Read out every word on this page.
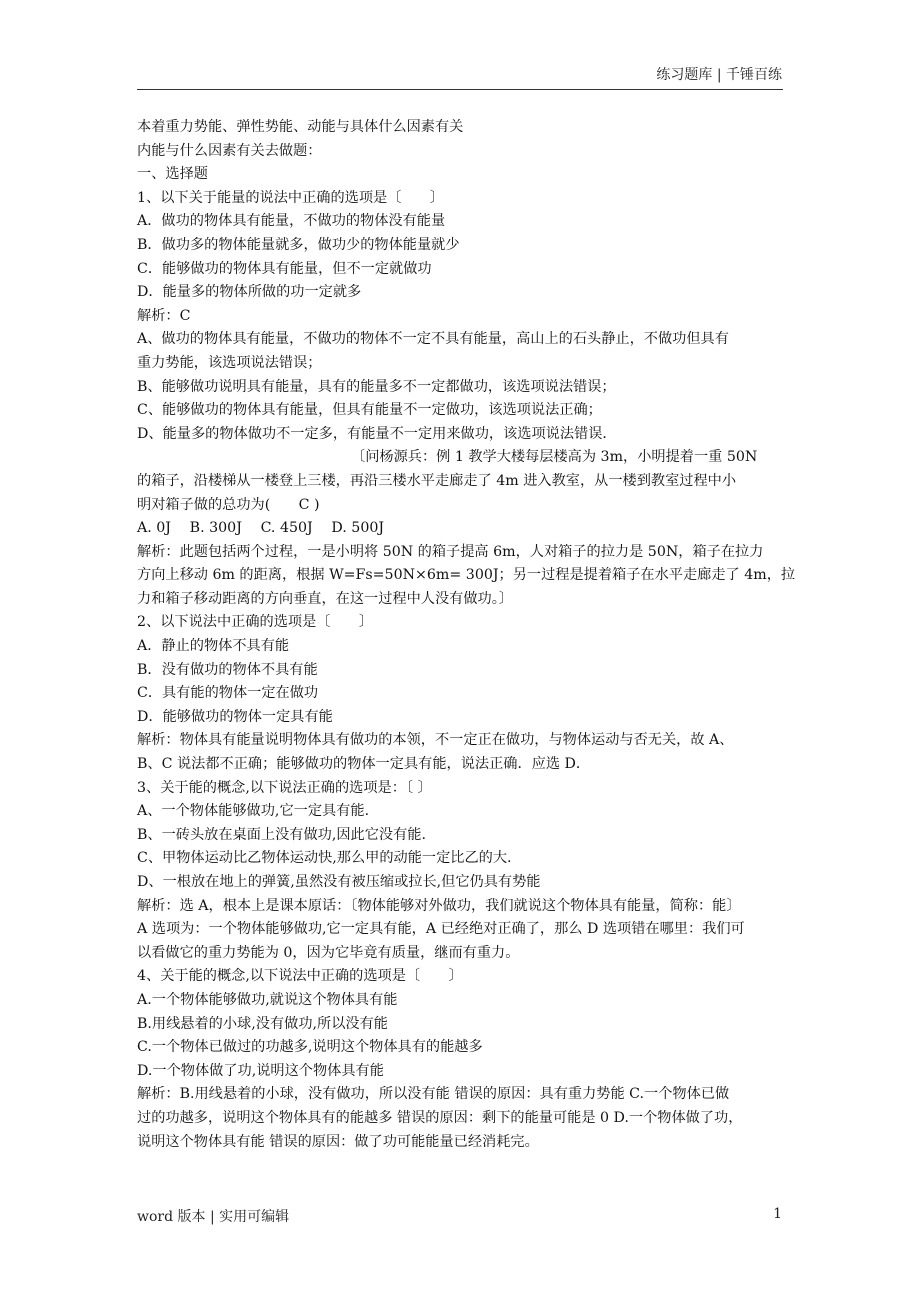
练习题库 | 千锤百练
本着重力势能、弹性势能、动能与具体什么因素有关
内能与什么因素有关去做题：
一、选择题
1、以下关于能量的说法中正确的选项是〔　　〕
A．做功的物体具有能量，不做功的物体没有能量
B．做功多的物体能量就多，做功少的物体能量就少
C．能够做功的物体具有能量，但不一定就做功
D．能量多的物体所做的功一定就多
解析：C
A、做功的物体具有能量，不做功的物体不一定不具有能量，高山上的石头静止，不做功但具有
重力势能，该选项说法错误；
B、能够做功说明具有能量，具有的能量多不一定都做功，该选项说法错误；
C、能够做功的物体具有能量，但具有能量不一定做功，该选项说法正确；
D、能量多的物体做功不一定多，有能量不一定用来做功，该选项说法错误．
〔问杨源兵：例 1 教学大楼每层楼高为 3m，小明提着一重 50N
的箱子，沿楼梯从一楼登上三楼，再沿三楼水平走廊走了 4m 进入教室，从一楼到教室过程中小
明对箱子做的总功为(　　C )
A. 0J　 B. 300J　 C. 450J　 D. 500J
解析：此题包括两个过程，一是小明将 50N 的箱子提高 6m，人对箱子的拉力是 50N，箱子在拉力
方向上移动 6m 的距离，根据 W=Fs=50N×6m= 300J；另一过程是提着箱子在水平走廊走了 4m，拉
力和箱子移动距离的方向垂直，在这一过程中人没有做功。〕
2、以下说法中正确的选项是〔　　〕
A．静止的物体不具有能
B．没有做功的物体不具有能
C．具有能的物体一定在做功
D．能够做功的物体一定具有能
解析：物体具有能量说明物体具有做功的本领，不一定正在做功，与物体运动与否无关，故 A、
B、C 说法都不正确；能够做功的物体一定具有能，说法正确．应选 D．
3、关于能的概念,以下说法正确的选项是：〔 〕
A、一个物体能够做功,它一定具有能.
B、一砖头放在桌面上没有做功,因此它没有能.
C、甲物体运动比乙物体运动快,那么甲的动能一定比乙的大.
D、一根放在地上的弹簧,虽然没有被压缩或拉长,但它仍具有势能
解析：选 A，根本上是课本原话：〔物体能够对外做功，我们就说这个物体具有能量，简称：能〕
A 选项为：一个物体能够做功,它一定具有能，A 已经绝对正确了，那么 D 选项错在哪里：我们可
以看做它的重力势能为 0，因为它毕竟有质量，继而有重力。
4、关于能的概念,以下说法中正确的选项是〔　　〕
A.一个物体能够做功,就说这个物体具有能
B.用线悬着的小球,没有做功,所以没有能
C.一个物体已做过的功越多,说明这个物体具有的能越多
D.一个物体做了功,说明这个物体具有能
解析：B.用线悬着的小球，没有做功，所以没有能 错误的原因：具有重力势能 C.一个物体已做
过的功越多，说明这个物体具有的能越多 错误的原因：剩下的能量可能是 0 D.一个物体做了功，
说明这个物体具有能 错误的原因：做了功可能能量已经消耗完。
word 版本 | 实用可编辑	1
